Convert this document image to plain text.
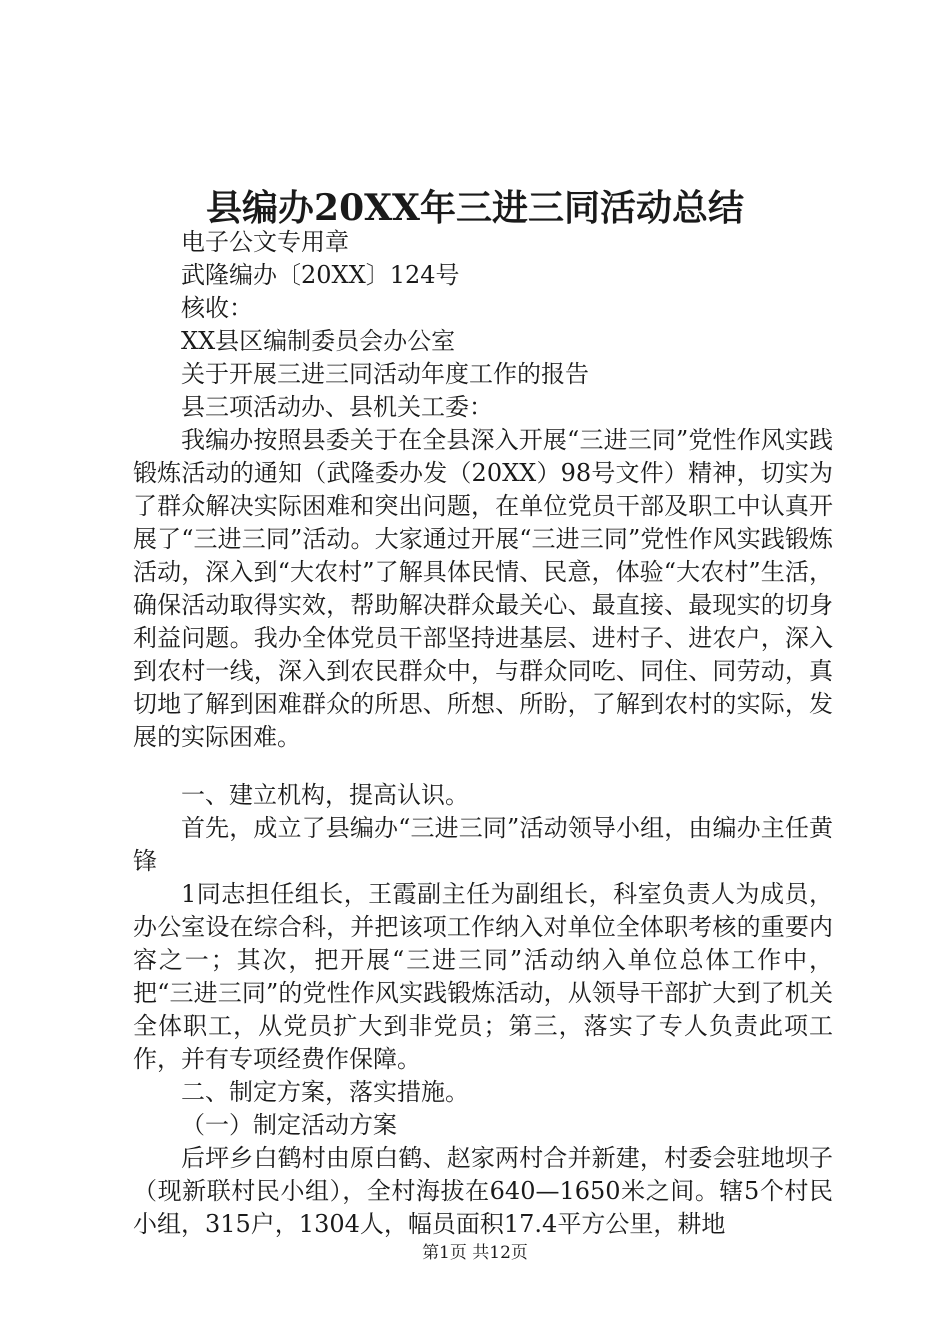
县编办20XX年三进三同活动总结
电子公文专用章
武隆编办〔20XX〕124号
核收：
XX县区编制委员会办公室
关于开展三进三同活动年度工作的报告
县三项活动办、县机关工委：

我编办按照县委关于在全县深入开展“三进三同”党性作风实践锻炼活动的通知（武隆委办发（20XX）98号文件）精神，切实为了群众解决实际困难和突出问题，在单位党员干部及职工中认真开展了“三进三同”活动。大家通过开展“三进三同”党性作风实践锻炼活动，深入到“大农村”了解具体民情、民意，体验“大农村”生活，确保活动取得实效，帮助解决群众最关心、最直接、最现实的切身利益问题。我办全体党员干部坚持进基层、进村子、进农户，深入到农村一线，深入到农民群众中，与群众同吃、同住、同劳动，真切地了解到困难群众的所思、所想、所盼，了解到农村的实际，发展的实际困难。

一、建立机构，提高认识。

首先，成立了县编办“三进三同”活动领导小组，由编办主任黄锋

1同志担任组长，王霞副主任为副组长，科室负责人为成员，办公室设在综合科，并把该项工作纳入对单位全体职考核的重要内容之一；其次，把开展“三进三同”活动纳入单位总体工作中，把“三进三同”的党性作风实践锻炼活动，从领导干部扩大到了机关全体职工，从党员扩大到非党员；第三，落实了专人负责此项工作，并有专项经费作保障。

二、制定方案，落实措施。
（一）制定活动方案

后坪乡白鹤村由原白鹤、赵家两村合并新建，村委会驻地坝子（现新联村民小组），全村海拔在640—1650米之间。辖5个村民小组，315户，1304人，幅员面积17.4平方公里，耕地

第1页 共12页
